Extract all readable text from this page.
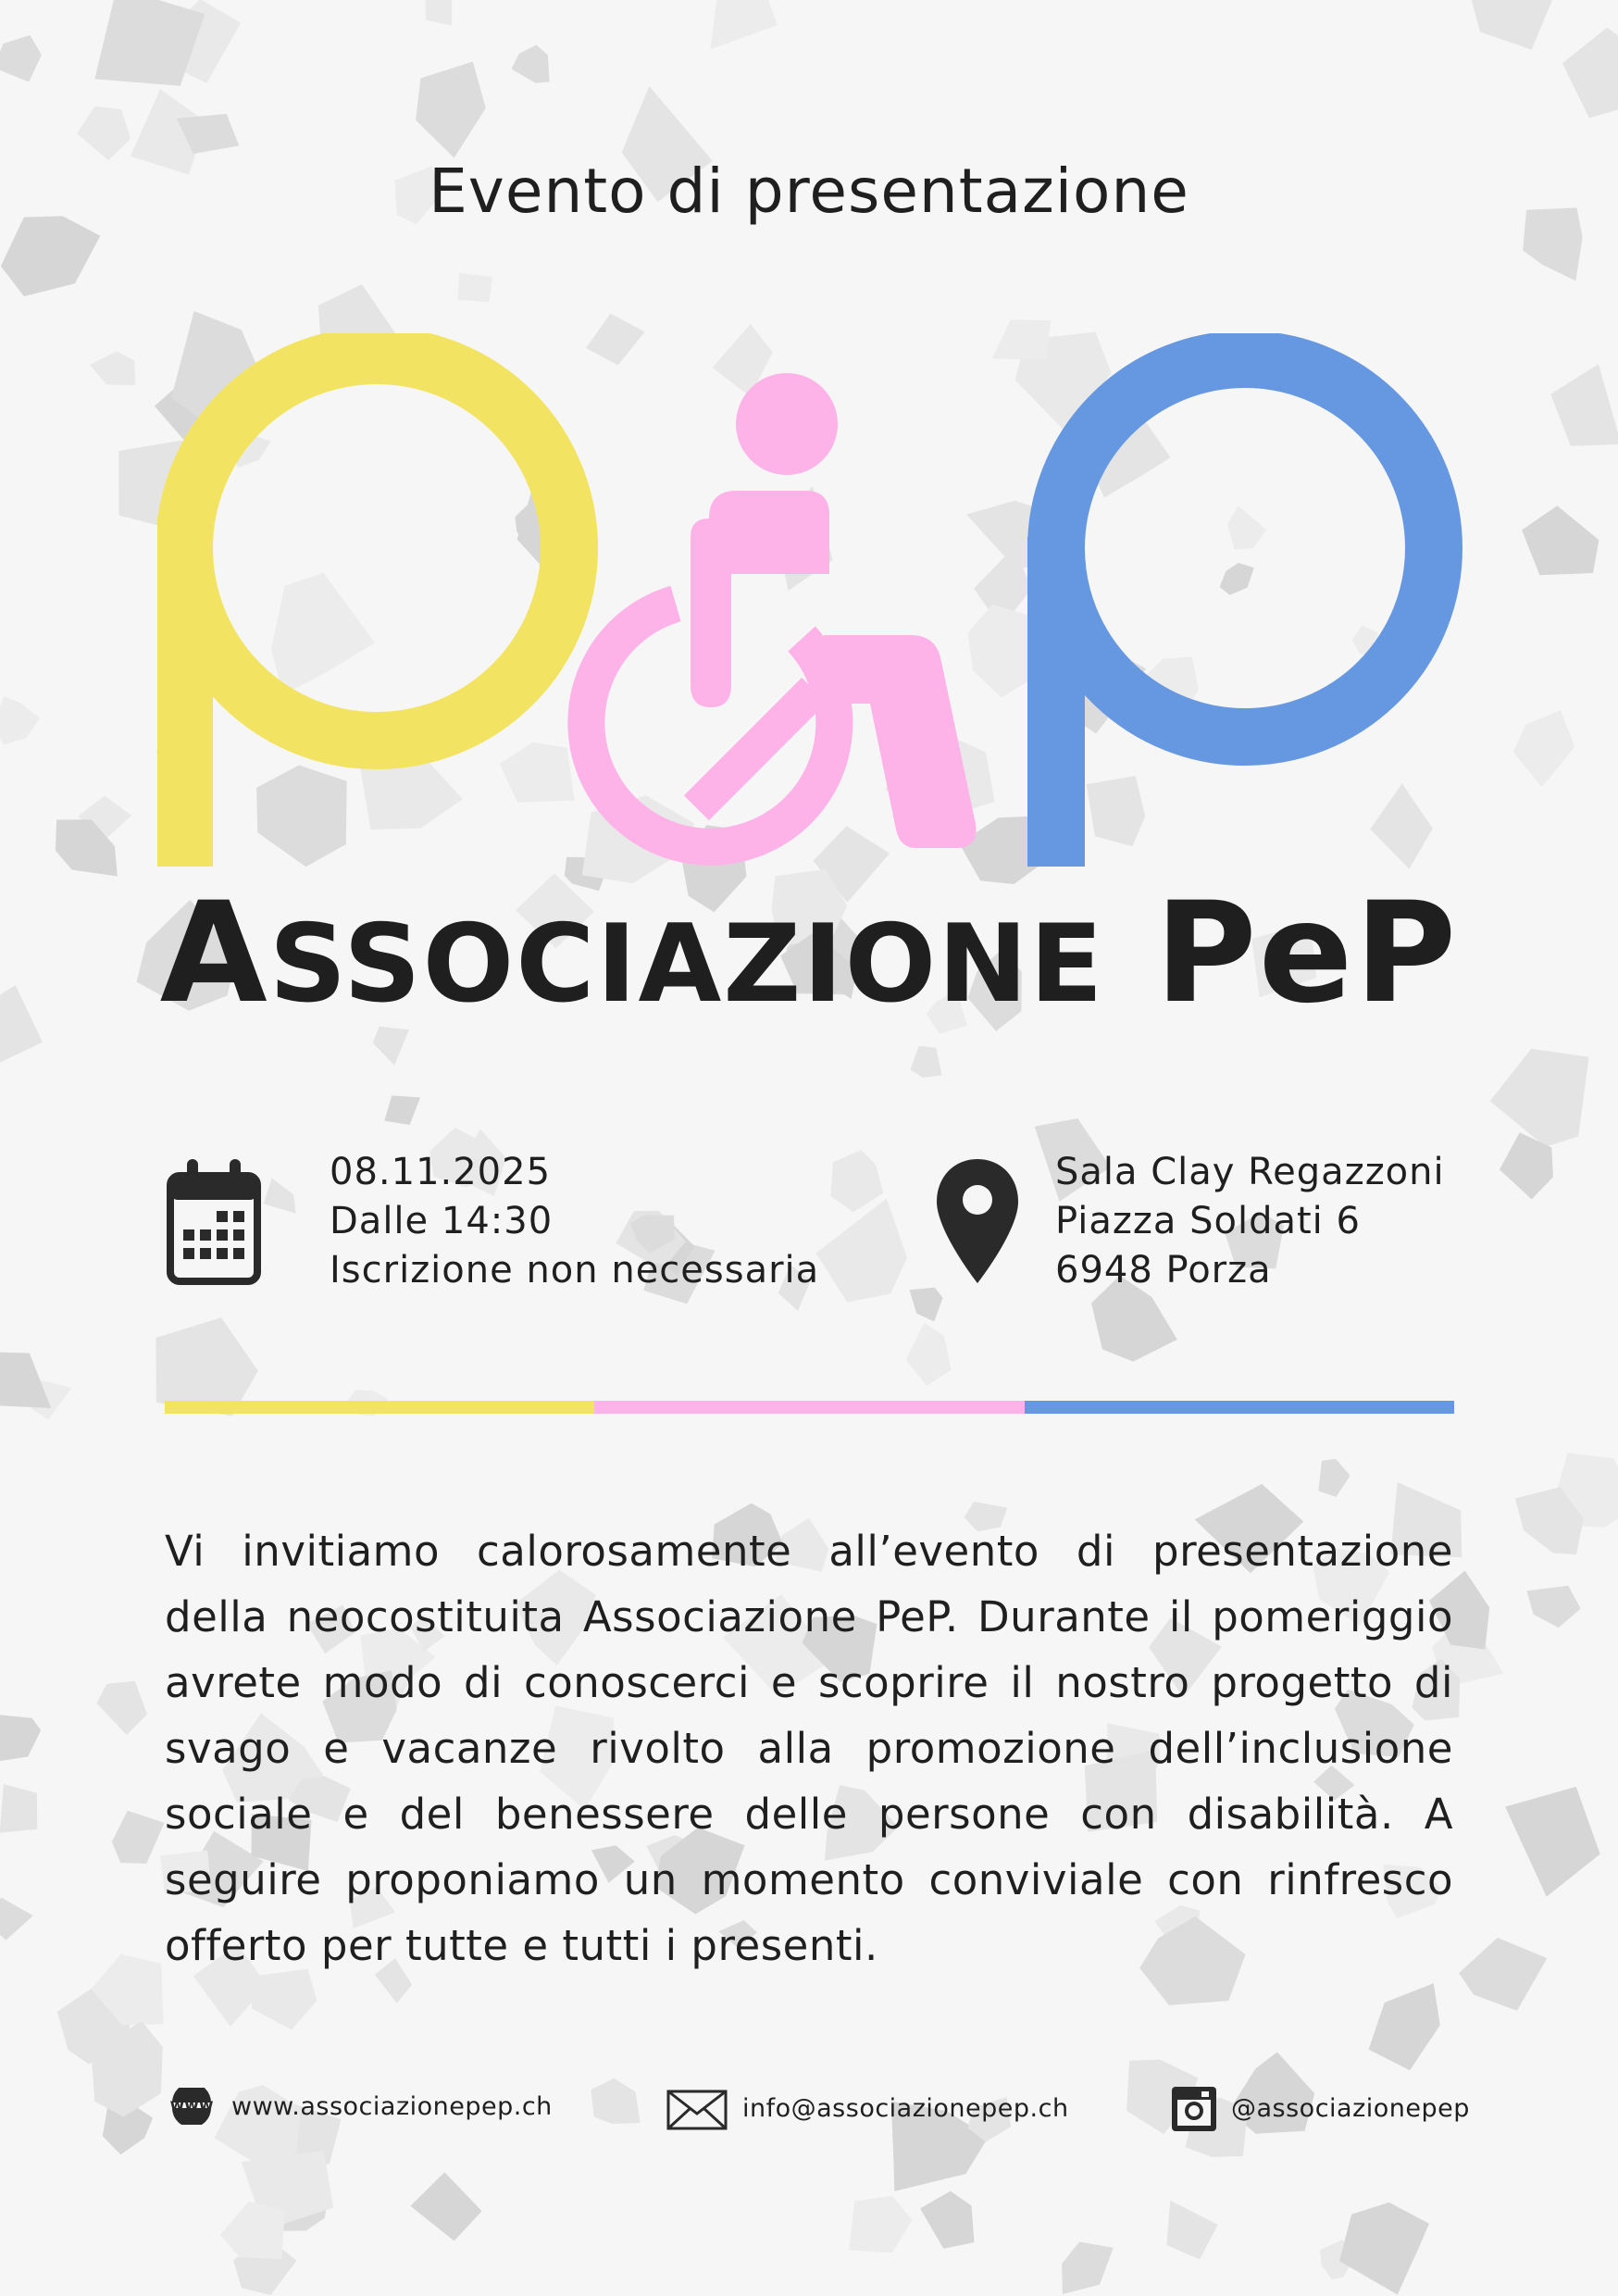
Evento di presentazione
ASSOCIAZIONE PeP
08.11.2025
Dalle 14:30
Iscrizione non necessaria
Sala Clay Regazzoni
Piazza Soldati 6
6948 Porza
Vi invitiamo calorosamente all’evento di presentazione della neocostituita Associazione PeP. Durante il pomeriggio avrete modo di conoscerci e scoprire il nostro progetto di svago e vacanze rivolto alla promozione dell’inclusione sociale e del benessere delle persone con disabilità. A seguire proponiamo un momento conviviale con rinfresco offerto per tutte e tutti i presenti.
www www.associazionepep.ch	info@associazionepep.ch	@associazionepep
